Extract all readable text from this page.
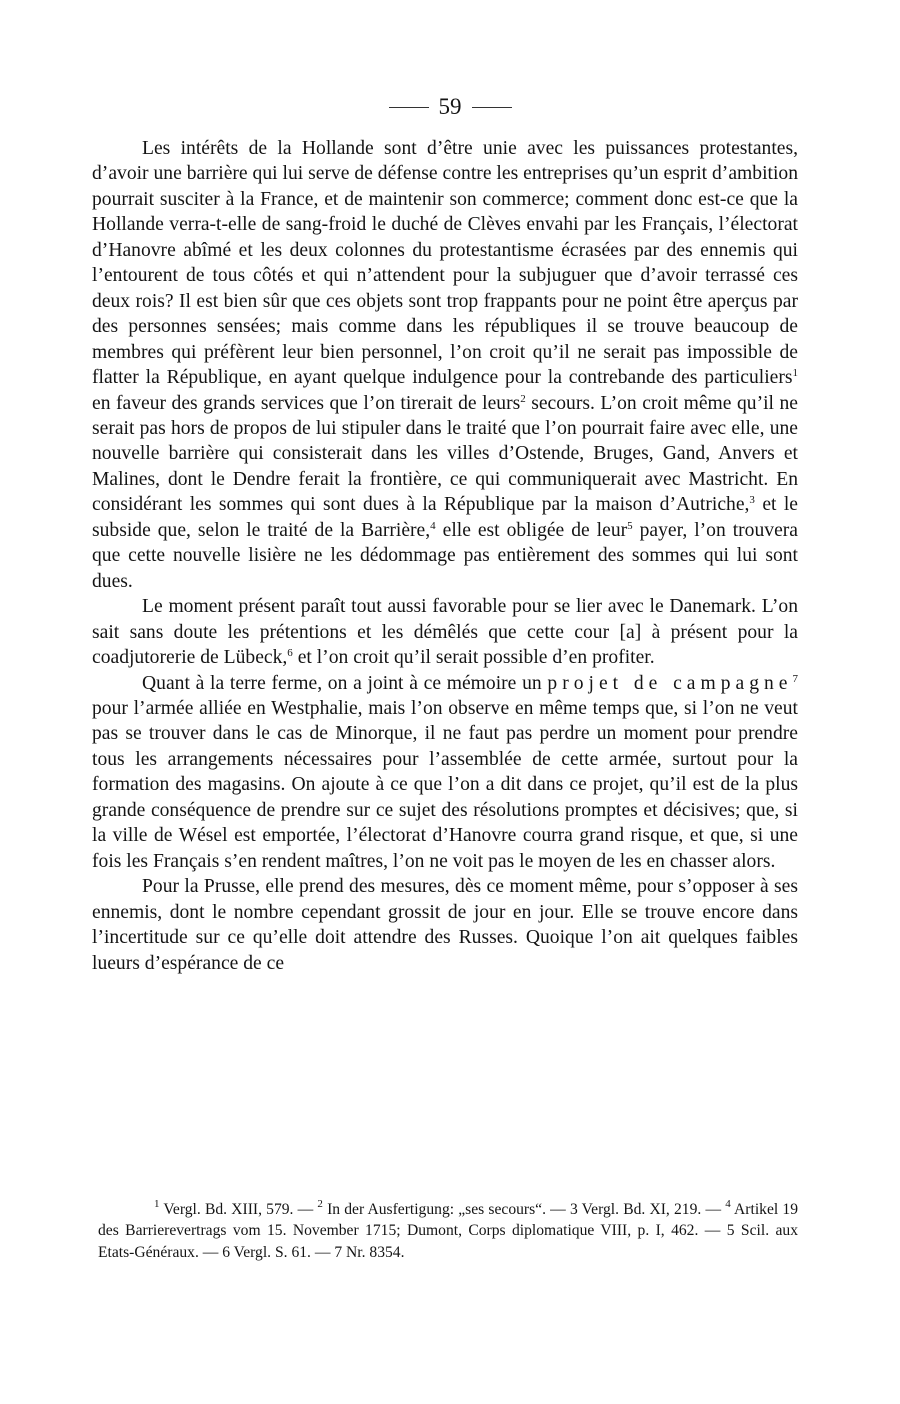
59

Les intérêts de la Hollande sont d’être unie avec les puissances protestantes, d’avoir une barrière qui lui serve de défense contre les entreprises qu’un esprit d’ambition pourrait susciter à la France, et de maintenir son commerce; comment donc est-ce que la Hollande verra-t-elle de sang-froid le duché de Clèves envahi par les Français, l’électorat d’Hanovre abîmé et les deux colonnes du protestantisme écrasées par des ennemis qui l’entourent de tous côtés et qui n’attendent pour la subjuguer que d’avoir terrassé ces deux rois? Il est bien sûr que ces objets sont trop frappants pour ne point être aperçus par des personnes sensées; mais comme dans les républiques il se trouve beaucoup de membres qui préfèrent leur bien personnel, l’on croit qu’il ne serait pas impossible de flatter la République, en ayant quelque indulgence pour la contrebande des particuliers$^1$ en faveur des grands services que l’on tirerait de leurs$^2$ secours. L’on croit même qu’il ne serait pas hors de propos de lui stipuler dans le traité que l’on pourrait faire avec elle, une nouvelle barrière qui consisterait dans les villes d’Ostende, Bruges, Gand, Anvers et Malines, dont le Dendre ferait la frontière, ce qui communiquerait avec Mastricht. En considérant les sommes qui sont dues à la République par la maison d’Autriche,$^3$ et le subside que, selon le traité de la Barrière,$^4$ elle est obligée de leur$^5$ payer, l’on trouvera que cette nouvelle lisière ne les dédommage pas entièrement des sommes qui lui sont dues.

Le moment présent paraît tout aussi favorable pour se lier avec le Danemark. L’on sait sans doute les prétentions et les démêlés que cette cour [a] à présent pour la coadjutorerie de Lübeck,$^6$ et l’on croit qu’il serait possible d’en profiter.

Quant à la terre ferme, on a joint à ce mémoire un projet de campagne$^7$ pour l’armée alliée en Westphalie, mais l’on observe en même temps que, si l’on ne veut pas se trouver dans le cas de Minorque, il ne faut pas perdre un moment pour prendre tous les arrangements nécessaires pour l’assemblée de cette armée, surtout pour la formation des magasins. On ajoute à ce que l’on a dit dans ce projet, qu’il est de la plus grande conséquence de prendre sur ce sujet des résolutions promptes et décisives; que, si la ville de Wésel est emportée, l’électorat d’Hanovre courra grand risque, et que, si une fois les Français s’en rendent maîtres, l’on ne voit pas le moyen de les en chasser alors.

Pour la Prusse, elle prend des mesures, dès ce moment même, pour s’opposer à ses ennemis, dont le nombre cependant grossit de jour en jour. Elle se trouve encore dans l’incertitude sur ce qu’elle doit attendre des Russes. Quoique l’on ait quelques faibles lueurs d’espérance de ce

$^1$ Vergl. Bd. XIII, 579. — $^2$ In der Ausfertigung: „ses secours“. — 3 Vergl. Bd. XI, 219. — $^4$ Artikel 19 des Barrierevertrags vom 15. November 1715; Dumont, Corps diplomatique VIII, p. I, 462. — 5 Scil. aux Etats-Généraux. — 6 Vergl. S. 61. — 7 Nr. 8354.
